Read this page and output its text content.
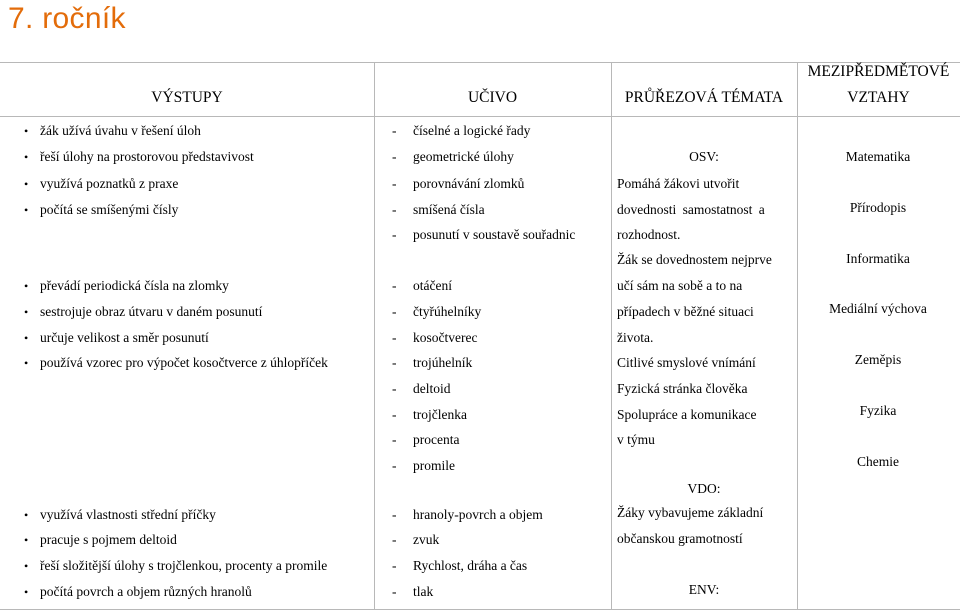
7. ročník
VÝSTUPY	UČIVO	PRŮŘEZOVÁ TÉMATA
MEZIPŘEDMĚTOVÉ
VZTAHY
• žák užívá úvahu v řešení úloh
• řeší úlohy na prostorovou představivost
• využívá poznatků z praxe
• počítá se smíšenými čísly
• převádí periodická čísla na zlomky
• sestrojuje obraz útvaru v daném posunutí
• určuje velikost a směr posunutí
• používá vzorec pro výpočet kosočtverce z úhlopříček
• využívá vlastnosti střední příčky
• pracuje s pojmem deltoid
• řeší složitější úlohy s trojčlenkou, procenty a promile
• počítá povrch a objem různých hranolů
- číselné a logické řady
- geometrické úlohy
- porovnávání zlomků
- smíšená čísla
- posunutí v soustavě souřadnic
- otáčení
- čtyřúhelníky
- kosočtverec
- trojúhelník
- deltoid
- trojčlenka
- procenta
- promile
- hranoly-povrch a objem
- zvuk
- Rychlost, dráha a čas
- tlak
OSV:
Pomáhá žákovi utvořit
dovednosti samostatnost a
rozhodnost.
Žák se dovednostem nejprve
učí sám na sobě a to na
případech v běžné situaci
života.
Citlivé smyslové vnímání
Fyzická stránka člověka
Spolupráce a komunikace
v týmu
VDO:
Žáky vybavujeme základní
občanskou gramotností
ENV:
Matematika
Přírodopis
Informatika
Mediální výchova
Zeměpis
Fyzika
Chemie
